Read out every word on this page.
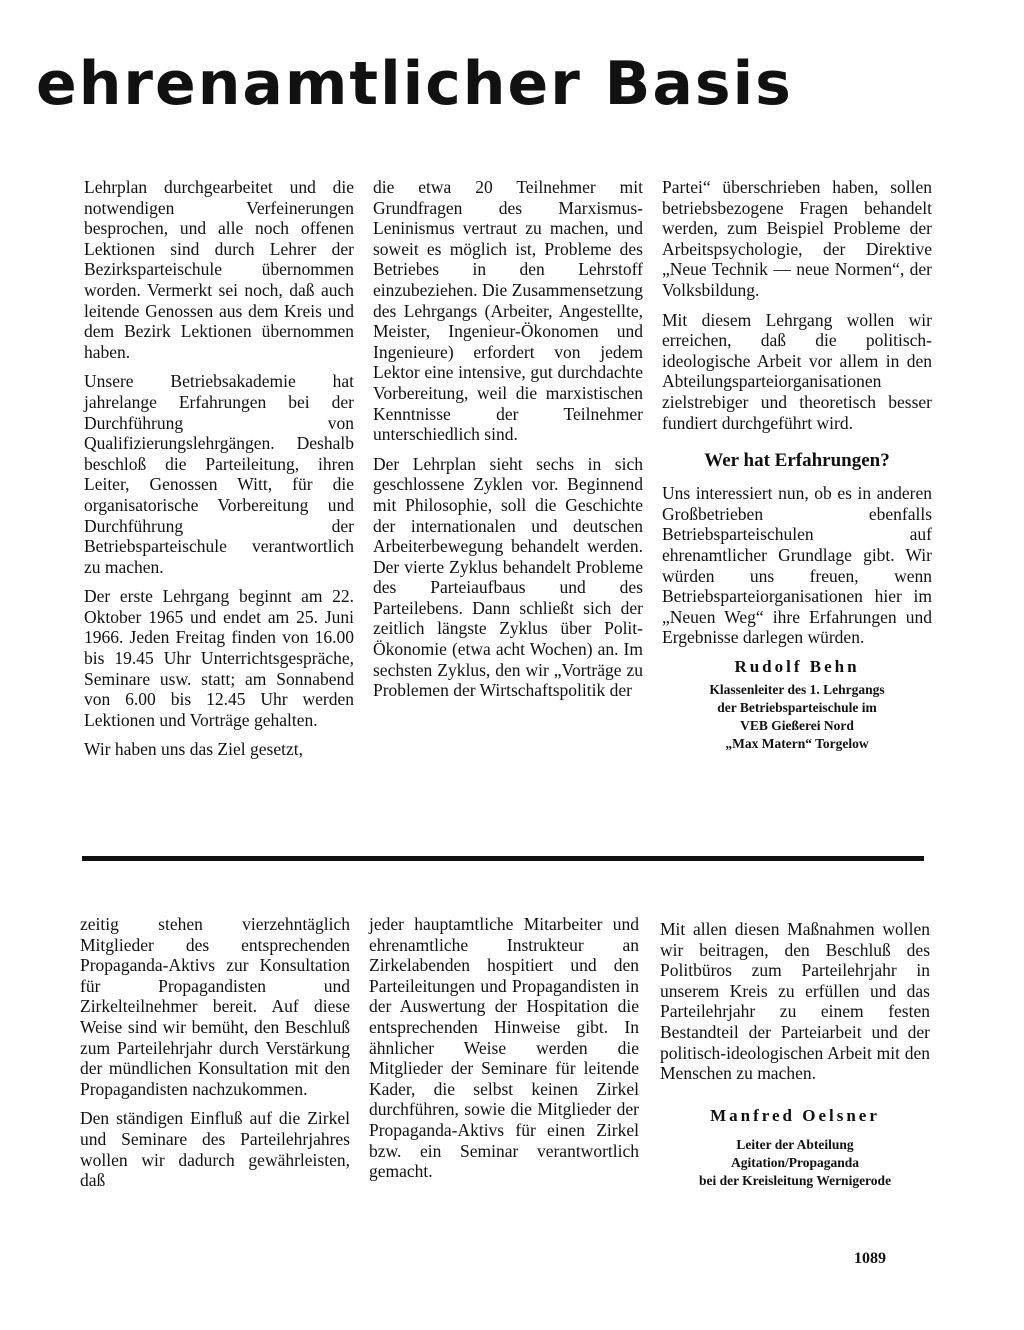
ehrenamtlicher Basis

Lehrplan durchgearbeitet und die notwendigen Verfeinerungen besprochen, und alle noch offenen Lektionen sind durch Lehrer der Bezirksparteischule übernommen worden. Vermerkt sei noch, daß auch leitende Genossen aus dem Kreis und dem Bezirk Lektionen übernommen haben.

Unsere Betriebsakademie hat jahrelange Erfahrungen bei der Durchführung von Qualifizierungslehrgängen. Deshalb beschloß die Parteileitung, ihren Leiter, Genossen Witt, für die organisatorische Vorbereitung und Durchführung der Betriebsparteischule verantwortlich zu machen.

Der erste Lehrgang beginnt am 22. Oktober 1965 und endet am 25. Juni 1966. Jeden Freitag finden von 16.00 bis 19.45 Uhr Unterrichtsgespräche, Seminare usw. statt; am Sonnabend von 6.00 bis 12.45 Uhr werden Lektionen und Vorträge gehalten.

Wir haben uns das Ziel gesetzt,

die etwa 20 Teilnehmer mit Grundfragen des Marxismus-Leninismus vertraut zu machen, und soweit es möglich ist, Probleme des Betriebes in den Lehrstoff einzubeziehen. Die Zusammensetzung des Lehrgangs (Arbeiter, Angestellte, Meister, Ingenieur-Ökonomen und Ingenieure) erfordert von jedem Lektor eine intensive, gut durchdachte Vorbereitung, weil die marxistischen Kenntnisse der Teilnehmer unterschiedlich sind.

Der Lehrplan sieht sechs in sich geschlossene Zyklen vor. Beginnend mit Philosophie, soll die Geschichte der internationalen und deutschen Arbeiterbewegung behandelt werden. Der vierte Zyklus behandelt Probleme des Parteiaufbaus und des Parteilebens. Dann schließt sich der zeitlich längste Zyklus über Polit-Ökonomie (etwa acht Wochen) an. Im sechsten Zyklus, den wir „Vorträge zu Problemen der Wirtschaftspolitik der

Partei“ überschrieben haben, sollen betriebsbezogene Fragen behandelt werden, zum Beispiel Probleme der Arbeitspsychologie, der Direktive „Neue Technik — neue Normen“, der Volksbildung.

Mit diesem Lehrgang wollen wir erreichen, daß die politisch-ideologische Arbeit vor allem in den Abteilungsparteiorganisationen zielstrebiger und theoretisch besser fundiert durchgeführt wird.

Wer hat Erfahrungen?

Uns interessiert nun, ob es in anderen Großbetrieben ebenfalls Betriebsparteischulen auf ehrenamtlicher Grundlage gibt. Wir würden uns freuen, wenn Betriebsparteiorganisationen hier im „Neuen Weg“ ihre Erfahrungen und Ergebnisse darlegen würden.

Rudolf Behn
Klassenleiter des 1. Lehrgangs
der Betriebsparteischule im
VEB Gießerei Nord
„Max Matern“ Torgelow

zeitig stehen vierzehntäglich Mitglieder des entsprechenden Propaganda-Aktivs zur Konsultation für Propagandisten und Zirkelteilnehmer bereit. Auf diese Weise sind wir bemüht, den Beschluß zum Parteilehrjahr durch Verstärkung der mündlichen Konsultation mit den Propagandisten nachzukommen.

Den ständigen Einfluß auf die Zirkel und Seminare des Parteilehrjahres wollen wir dadurch gewährleisten, daß

jeder hauptamtliche Mitarbeiter und ehrenamtliche Instrukteur an Zirkelabenden hospitiert und den Parteileitungen und Propagandisten in der Auswertung der Hospitation die entsprechenden Hinweise gibt. In ähnlicher Weise werden die Mitglieder der Seminare für leitende Kader, die selbst keinen Zirkel durchführen, sowie die Mitglieder der Propaganda-Aktivs für einen Zirkel bzw. ein Seminar verantwortlich gemacht.

Mit allen diesen Maßnahmen wollen wir beitragen, den Beschluß des Politbüros zum Parteilehrjahr in unserem Kreis zu erfüllen und das Parteilehrjahr zu einem festen Bestandteil der Parteiarbeit und der politisch-ideologischen Arbeit mit den Menschen zu machen.

Manfred Oelsner
Leiter der Abteilung
Agitation/Propaganda
bei der Kreisleitung Wernigerode
1089
